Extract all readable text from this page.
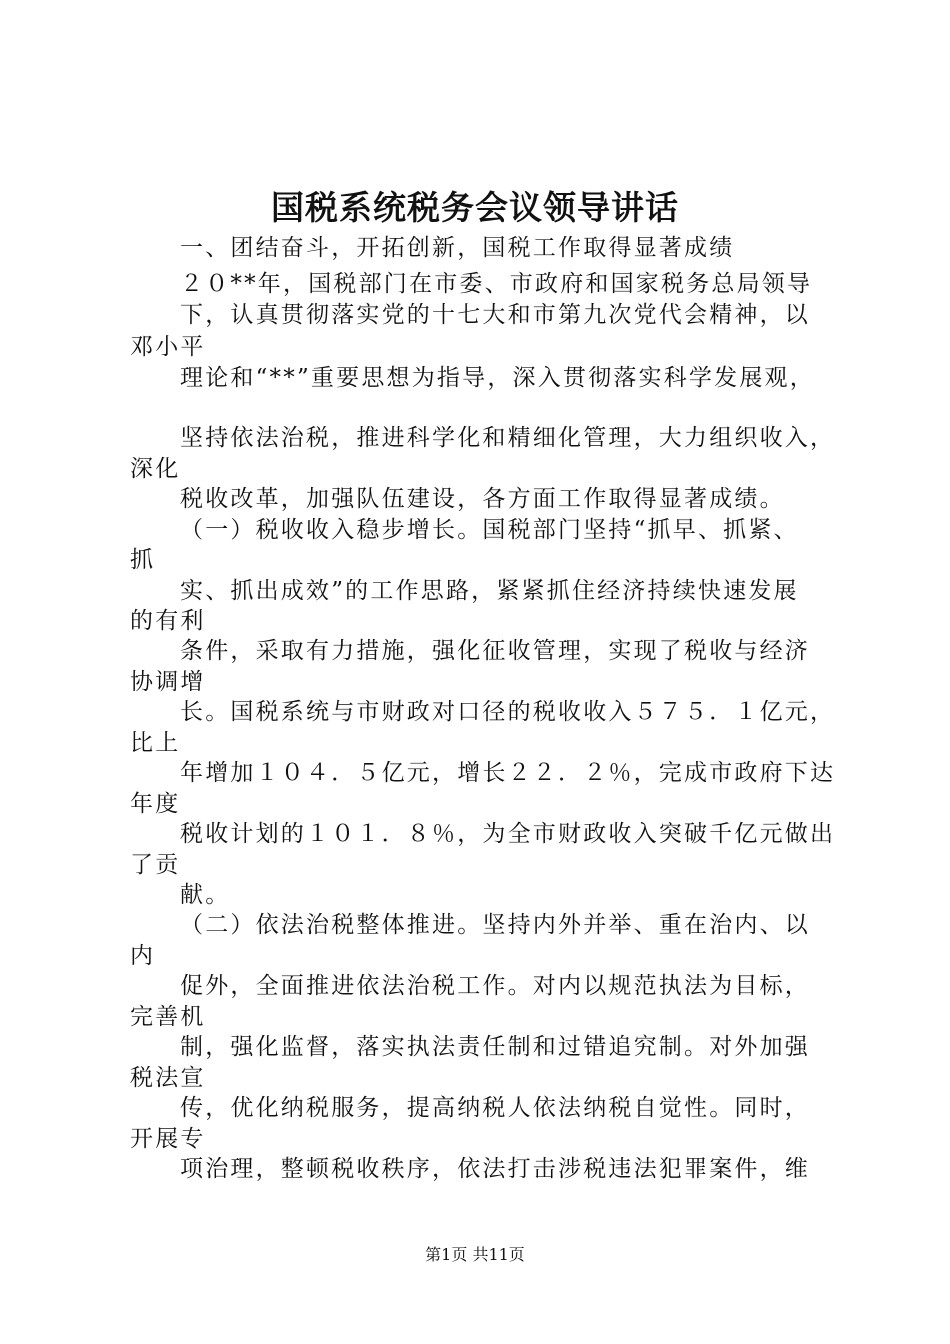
国税系统税务会议领导讲话
一、团结奋斗，开拓创新，国税工作取得显著成绩
２０**年，国税部门在市委、市政府和国家税务总局领导
下，认真贯彻落实党的十七大和市第九次党代会精神，以
邓小平
理论和“**”重要思想为指导，深入贯彻落实科学发展观，
坚持依法治税，推进科学化和精细化管理，大力组织收入，
深化
税收改革，加强队伍建设，各方面工作取得显著成绩。
（一）税收收入稳步增长。国税部门坚持“抓早、抓紧、
抓
实、抓出成效”的工作思路，紧紧抓住经济持续快速发展
的有利
条件，采取有力措施，强化征收管理，实现了税收与经济
协调增
长。国税系统与市财政对口径的税收收入５７５．１亿元，
比上
年增加１０４．５亿元，增长２２．２％，完成市政府下达
年度
税收计划的１０１．８％，为全市财政收入突破千亿元做出
了贡
献。
（二）依法治税整体推进。坚持内外并举、重在治内、以
内
促外，全面推进依法治税工作。对内以规范执法为目标，
完善机
制，强化监督，落实执法责任制和过错追究制。对外加强
税法宣
传，优化纳税服务，提高纳税人依法纳税自觉性。同时，
开展专
项治理，整顿税收秩序，依法打击涉税违法犯罪案件，维
第1页 共11页
